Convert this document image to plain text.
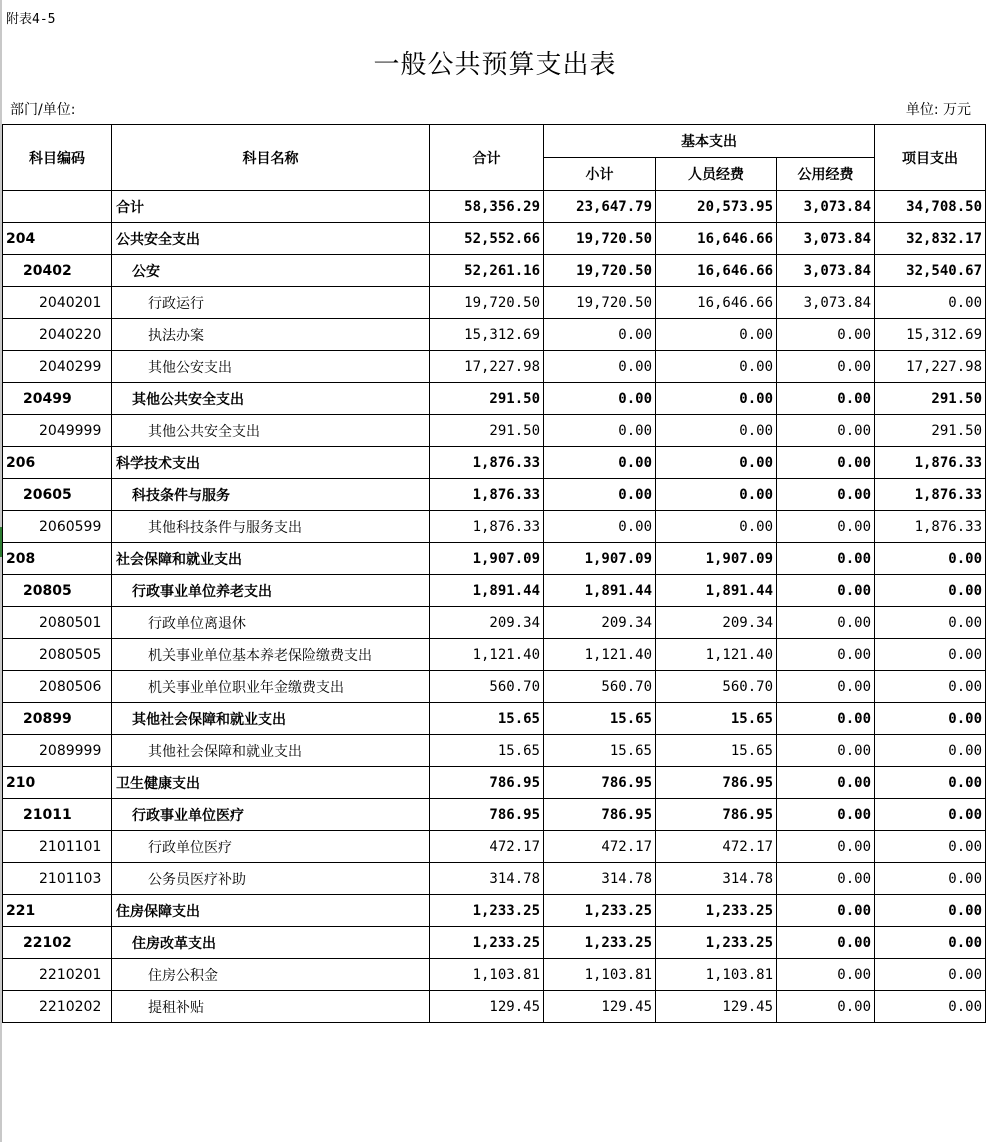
附表4-5
一般公共预算支出表
部门/单位:	单位: 万元
科目编码	科目名称	合计	基本支出			项目支出
			小计	人员经费	公用经费	
	合计	58,356.29	23,647.79	20,573.95	3,073.84	34,708.50
204	公共安全支出	52,552.66	19,720.50	16,646.66	3,073.84	32,832.17
20402	公安	52,261.16	19,720.50	16,646.66	3,073.84	32,540.67
2040201	行政运行	19,720.50	19,720.50	16,646.66	3,073.84	0.00
2040220	执法办案	15,312.69	0.00	0.00	0.00	15,312.69
2040299	其他公安支出	17,227.98	0.00	0.00	0.00	17,227.98
20499	其他公共安全支出	291.50	0.00	0.00	0.00	291.50
2049999	其他公共安全支出	291.50	0.00	0.00	0.00	291.50
206	科学技术支出	1,876.33	0.00	0.00	0.00	1,876.33
20605	科技条件与服务	1,876.33	0.00	0.00	0.00	1,876.33
2060599	其他科技条件与服务支出	1,876.33	0.00	0.00	0.00	1,876.33
208	社会保障和就业支出	1,907.09	1,907.09	1,907.09	0.00	0.00
20805	行政事业单位养老支出	1,891.44	1,891.44	1,891.44	0.00	0.00
2080501	行政单位离退休	209.34	209.34	209.34	0.00	0.00
2080505	机关事业单位基本养老保险缴费支出	1,121.40	1,121.40	1,121.40	0.00	0.00
2080506	机关事业单位职业年金缴费支出	560.70	560.70	560.70	0.00	0.00
20899	其他社会保障和就业支出	15.65	15.65	15.65	0.00	0.00
2089999	其他社会保障和就业支出	15.65	15.65	15.65	0.00	0.00
210	卫生健康支出	786.95	786.95	786.95	0.00	0.00
21011	行政事业单位医疗	786.95	786.95	786.95	0.00	0.00
2101101	行政单位医疗	472.17	472.17	472.17	0.00	0.00
2101103	公务员医疗补助	314.78	314.78	314.78	0.00	0.00
221	住房保障支出	1,233.25	1,233.25	1,233.25	0.00	0.00
22102	住房改革支出	1,233.25	1,233.25	1,233.25	0.00	0.00
2210201	住房公积金	1,103.81	1,103.81	1,103.81	0.00	0.00
2210202	提租补贴	129.45	129.45	129.45	0.00	0.00
